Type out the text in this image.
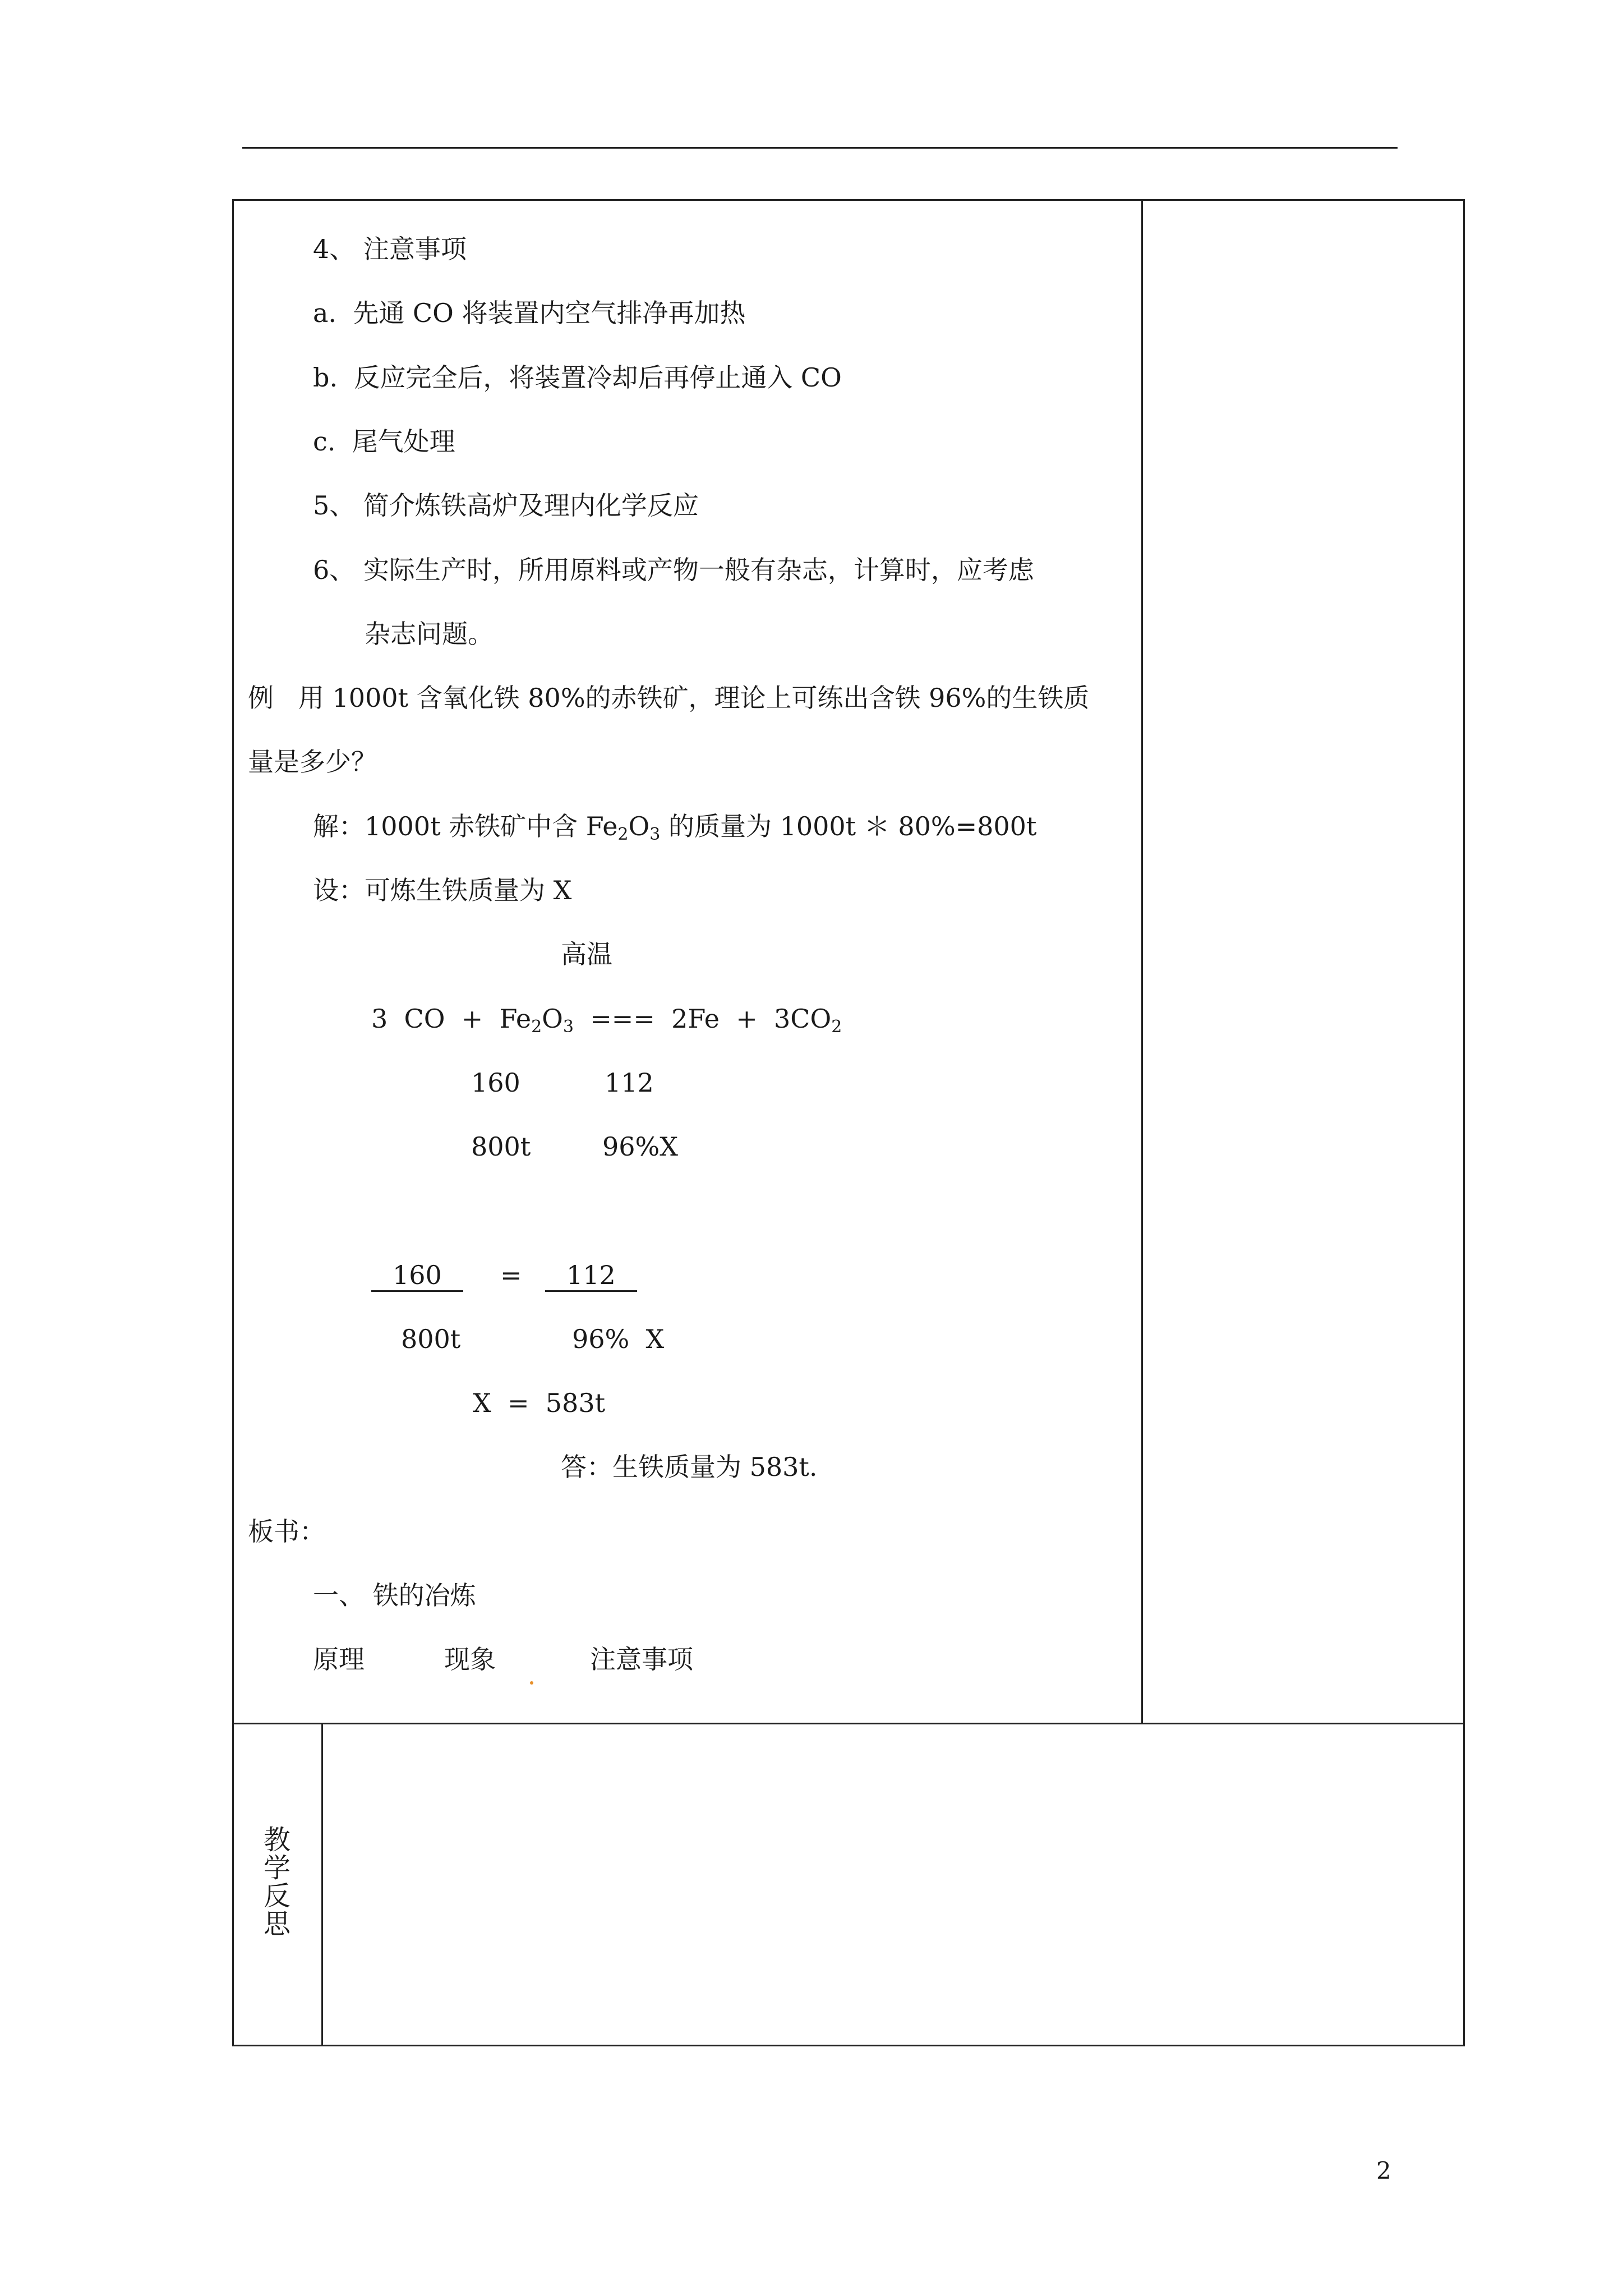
4、 注意事项
a.  先通 CO 将装置内空气排净再加热
b.  反应完全后，将装置冷却后再停止通入 CO
c.  尾气处理
5、 简介炼铁高炉及理内化学反应
6、 实际生产时，所用原料或产物一般有杂志，计算时，应考虑
杂志问题。
例   用 1000t 含氧化铁 80%的赤铁矿，理论上可练出含铁 96%的生铁质
量是多少？
解：1000t 赤铁矿中含 $Fe_2O_3$ 的质量为 1000t ＊ 80%=800t
设：可炼生铁质量为 X
高温
3  CO  +  $Fe_2O_3$  ===  $2Fe + 3CO_2$
160	112
800t	96%X
160	=	112
800t	96%  X
X  =  583t
答：生铁质量为 583t.
板书：
一、 铁的冶炼
原理	现象	注意事项
教
学
反
思
2
